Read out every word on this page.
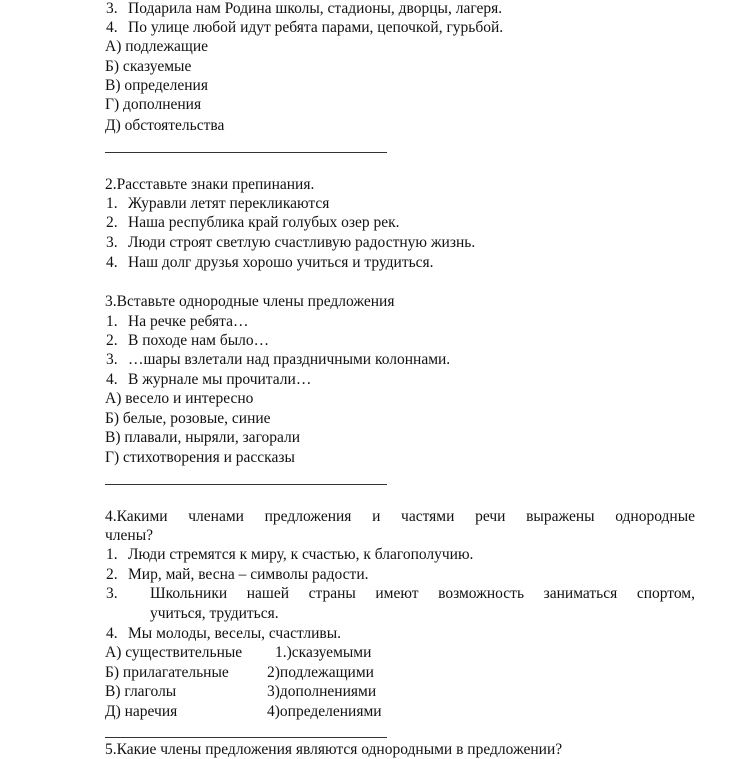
3. Подарила нам Родина школы, стадионы, дворцы, лагеря.
4. По улице любой идут ребята парами, цепочкой, гурьбой.
А) подлежащие
Б) сказуемые
В) определения
Г) дополнения
Д) обстоятельства
2.Расставьте знаки препинания.
1. Журавли летят перекликаются
2. Наша республика край голубых озер рек.
3. Люди строят светлую счастливую радостную жизнь.
4. Наш долг друзья хорошо учиться и трудиться.
3.Вставьте однородные члены предложения
1. На речке ребята…
2. В походе нам было…
3. …шары взлетали над праздничными колоннами.
4. В журнале мы прочитали…
А) весело и интересно
Б) белые, розовые, синие
В) плавали, ныряли, загорали
Г) стихотворения и рассказы
4.Какими членами предложения и частями речи выражены однородные
члены?
1. Люди стремятся к миру, к счастью, к благополучию.
2. Мир, май, весна – символы радости.
3. Школьники нашей страны имеют возможность заниматься спортом,
учиться, трудиться.
4. Мы молоды, веселы, счастливы.
А) существительные 1.)сказуемыми
Б) прилагательные 2)подлежащими
В) глаголы	3)дополнениями
Д) наречия	4)определениями
5.Какие члены предложения являются однородными в предложении?
